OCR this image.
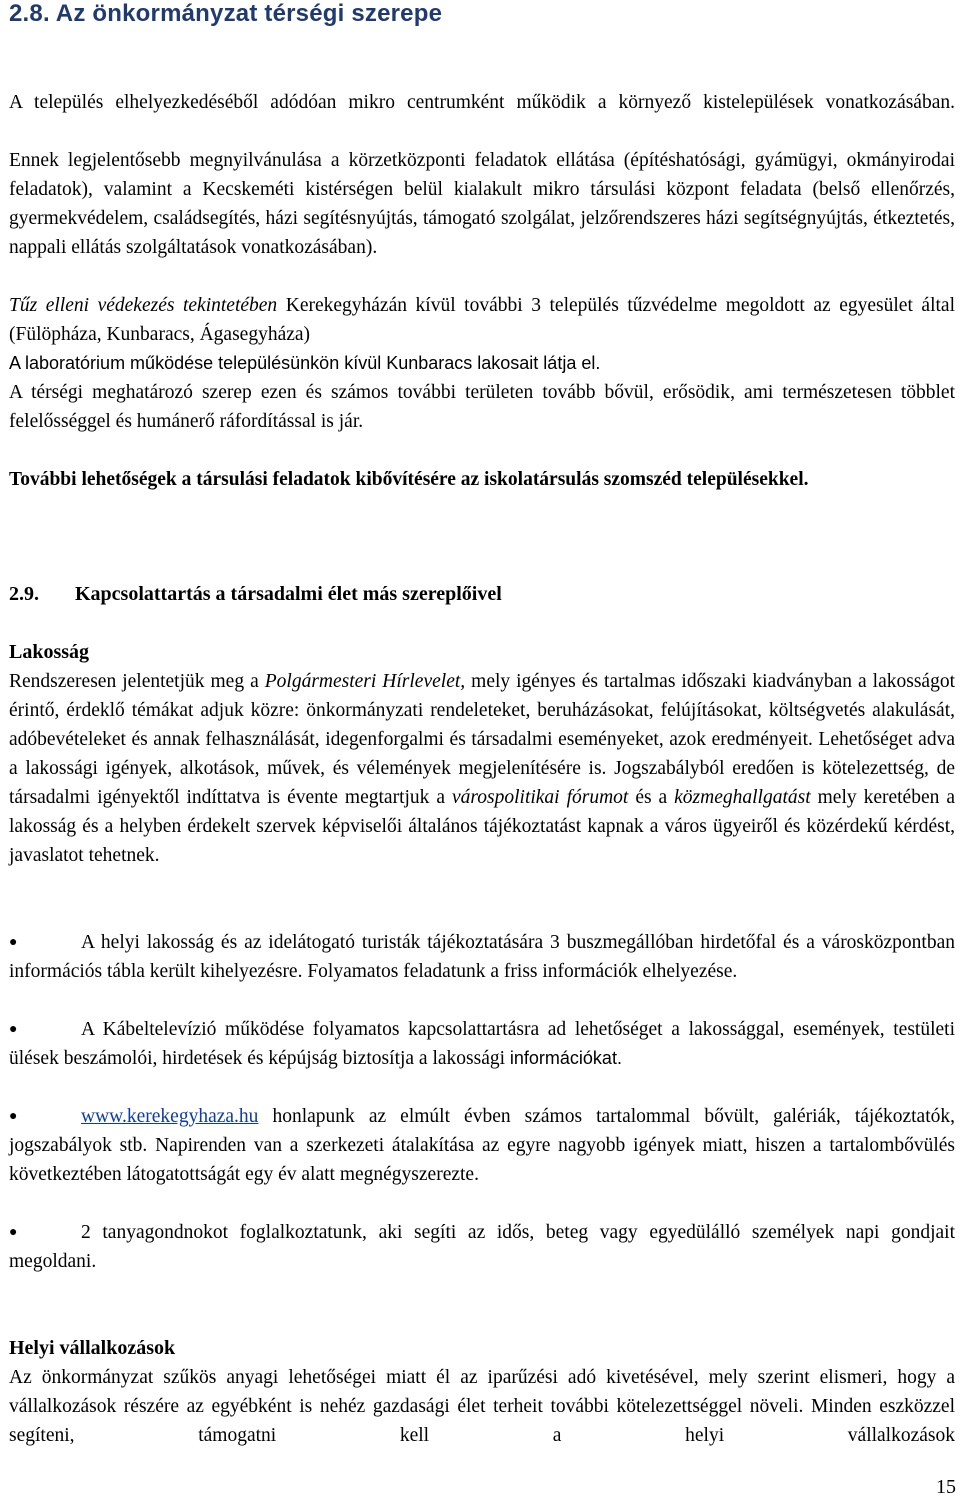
2.8. Az önkormányzat térségi szerepe
A település elhelyezkedéséből adódóan mikro centrumként működik a környező kistelepülések vonatkozásában.
Ennek legjelentősebb megnyilvánulása a körzetközponti feladatok ellátása (építéshatósági, gyámügyi, okmányirodai feladatok), valamint a Kecskeméti kistérségen belül kialakult mikro társulási központ feladata (belső ellenőrzés, gyermekvédelem, családsegítés, házi segítésnyújtás, támogató szolgálat, jelzőrendszeres házi segítségnyújtás, étkeztetés, nappali ellátás szolgáltatások vonatkozásában).
Tűz elleni védekezés tekintetében Kerekegyházán kívül további 3 település tűzvédelme megoldott az egyesület által (Fülöpháza, Kunbaracs, Ágasegyháza)
A laboratórium működése településünkön kívül Kunbaracs lakosait látja el.
A térségi meghatározó szerep ezen és számos további területen tovább bővül, erősödik, ami természetesen többlet felelősséggel és humánerő ráfordítással is jár.
További lehetőségek a társulási feladatok kibővítésére az iskolatársulás szomszéd településekkel.
2.9. Kapcsolattartás a társadalmi élet más szereplőivel
Lakosság
Rendszeresen jelentetjük meg a Polgármesteri Hírlevelet, mely igényes és tartalmas időszaki kiadványban a lakosságot érintő, érdeklő témákat adjuk közre: önkormányzati rendeleteket, beruházásokat, felújításokat, költségvetés alakulását, adóbevételeket és annak felhasználását, idegenforgalmi és társadalmi eseményeket, azok eredményeit. Lehetőséget adva a lakossági igények, alkotások, művek, és vélemények megjelenítésére is. Jogszabályból eredően is kötelezettség, de társadalmi igényektől indíttatva is évente megtartjuk a várospolitikai fórumot és a közmeghallgatást mely keretében a lakosság és a helyben érdekelt szervek képviselői általános tájékoztatást kapnak a város ügyeiről és közérdekű kérdést, javaslatot tehetnek.
●	A helyi lakosság és az idelátogató turisták tájékoztatására 3 buszmegállóban hirdetőfal és a városközpontban információs tábla került kihelyezésre. Folyamatos feladatunk a friss információk elhelyezése.
●	A Kábeltelevízió működése folyamatos kapcsolattartásra ad lehetőséget a lakossággal, események, testületi ülések beszámolói, hirdetések és képújság biztosítja a lakossági információkat.
●	www.kerekegyhaza.hu honlapunk az elmúlt évben számos tartalommal bővült, galériák, tájékoztatók, jogszabályok stb. Napirenden van a szerkezeti átalakítása az egyre nagyobb igények miatt, hiszen a tartalombővülés következtében látogatottságát egy év alatt megnégyszerezte.
●	2 tanyagondnokot foglalkoztatunk, aki segíti az idős, beteg vagy egyedülálló személyek napi gondjait megoldani.
Helyi vállalkozások
Az önkormányzat szűkös anyagi lehetőségei miatt él az iparűzési adó kivetésével, mely szerint elismeri, hogy a vállalkozások részére az egyébként is nehéz gazdasági élet terheit további kötelezettséggel növeli. Minden eszközzel segíteni, támogatni kell a helyi vállalkozások
15
